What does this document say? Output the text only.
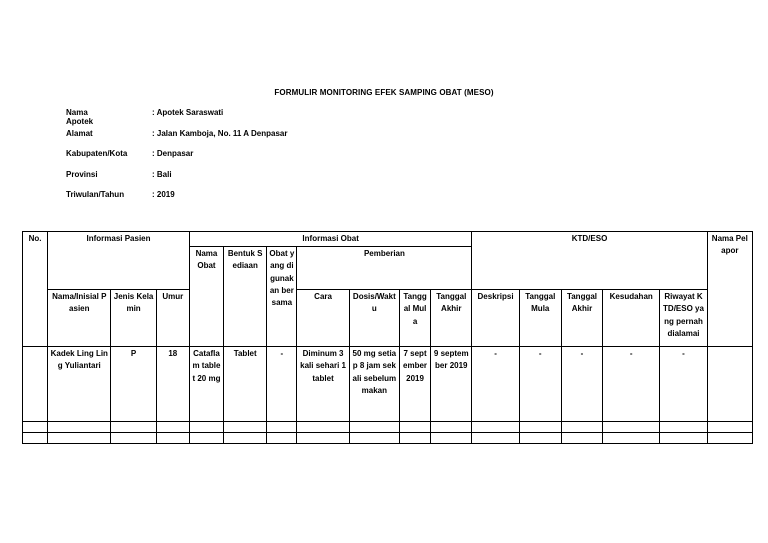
FORMULIR MONITORING EFEK SAMPING OBAT (MESO)
Nama Apotek
: Apotek Saraswati
Alamat	: Jalan Kamboja, No. 11 A Denpasar
Kabupaten/Kota	: Denpasar
Provinsi	: Bali
Triwulan/Tahun	: 2019
No.	Informasi Pasien			Informasi Obat							KTD/ESO					Nama Pelapor
				Nama Obat	Bentuk Sediaan	Obat yang digunakan bersama	Pemberian									
	Nama/Inisial Pasien	Jenis Kelamin	Umur				Cara	Dosis/Waktu	Tanggal Mula	Tanggal Akhir	Deskripsi	Tanggal Mula	Tanggal Akhir	Kesudahan	Riwayat KTD/ESO yang pernah dialamai	
	Kadek Ling Ling Yuliantari	P	18	Cataflam tablet 20 mg	Tablet	-	Diminum 3 kali sehari 1 tablet	50 mg setiap 8 jam sekali sebelum makan	7 september 2019	9 september 2019	-	-	-	-	-	
